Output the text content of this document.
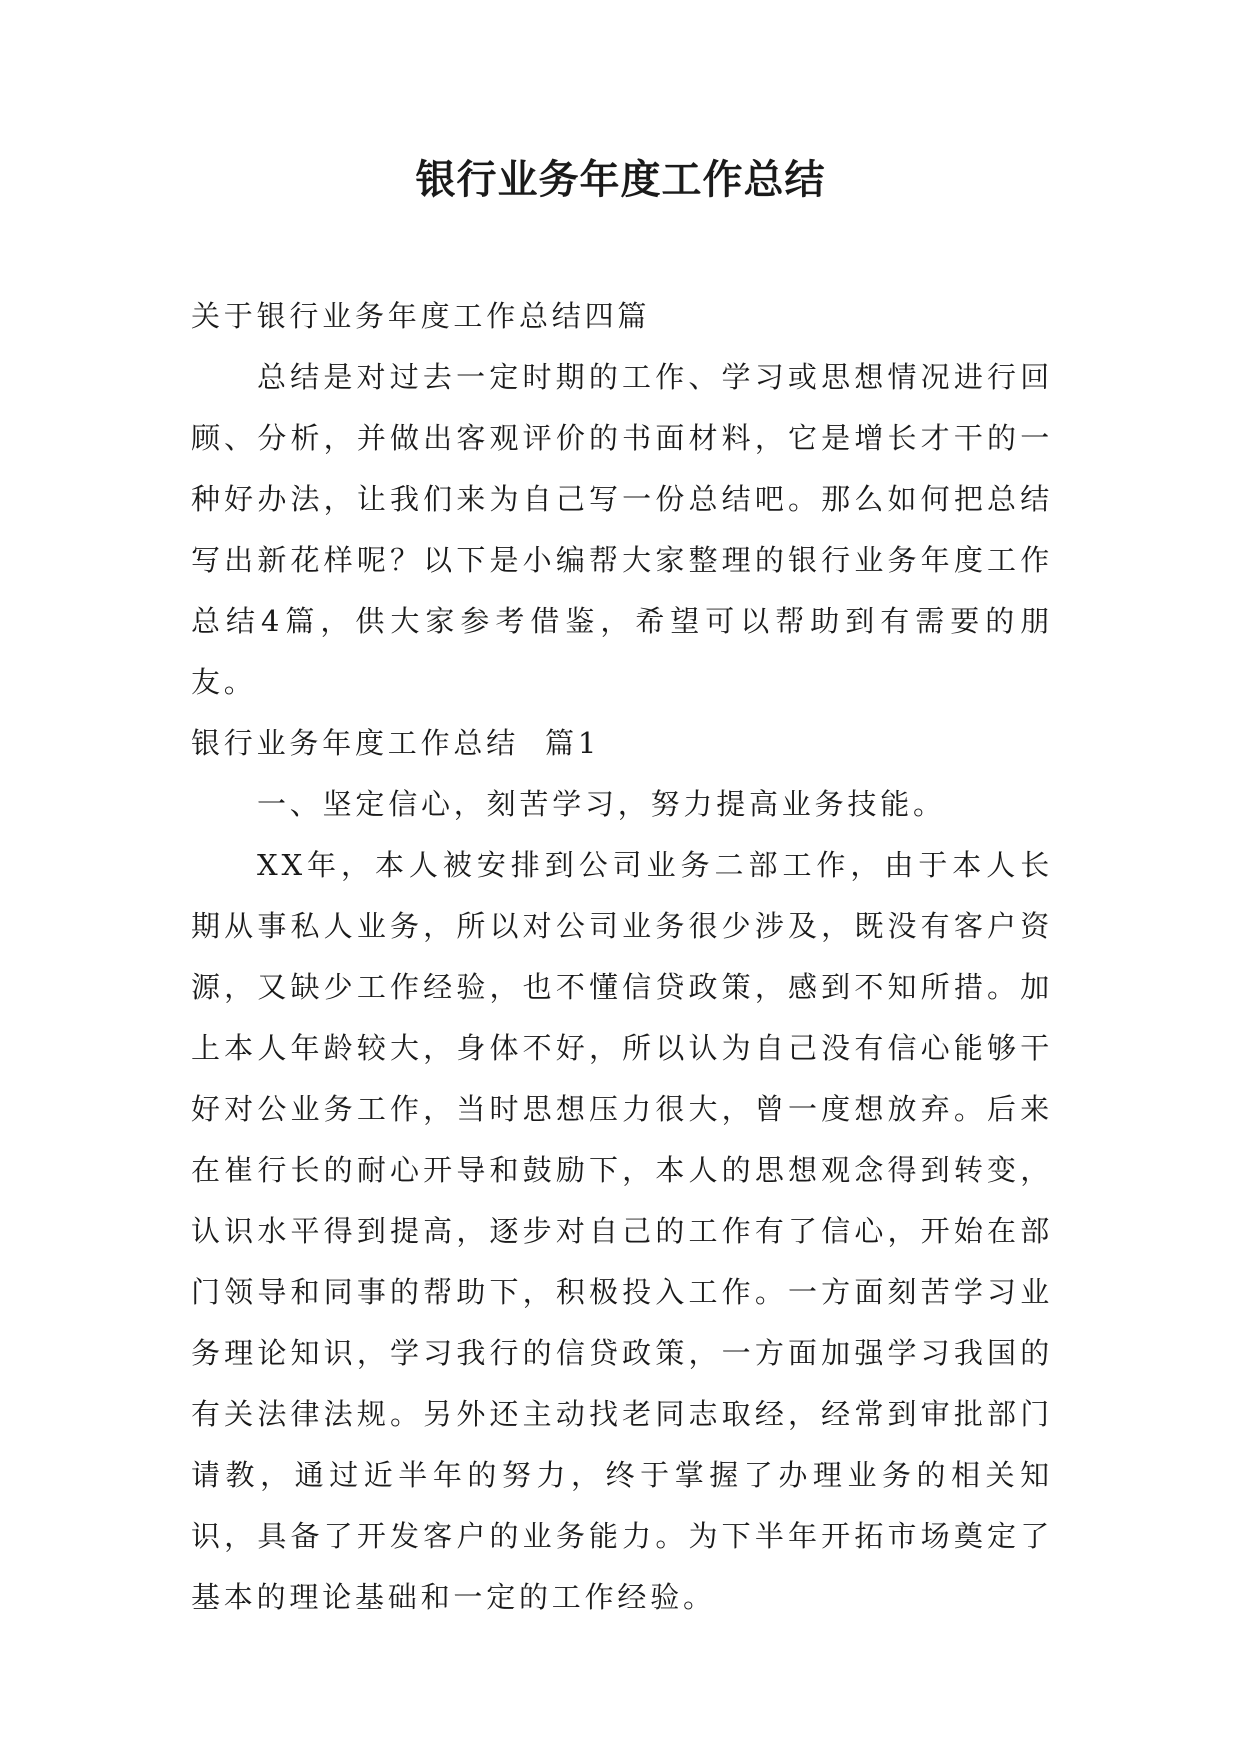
银行业务年度工作总结

关于银行业务年度工作总结四篇

总结是对过去一定时期的工作、学习或思想情况进行回顾、分析，并做出客观评价的书面材料，它是增长才干的一种好办法，让我们来为自己写一份总结吧。那么如何把总结写出新花样呢？以下是小编帮大家整理的银行业务年度工作总结4篇，供大家参考借鉴，希望可以帮助到有需要的朋友。

银行业务年度工作总结  篇1

一、坚定信心，刻苦学习，努力提高业务技能。

XX年，本人被安排到公司业务二部工作，由于本人长期从事私人业务，所以对公司业务很少涉及，既没有客户资源，又缺少工作经验，也不懂信贷政策，感到不知所措。加上本人年龄较大，身体不好，所以认为自己没有信心能够干好对公业务工作，当时思想压力很大，曾一度想放弃。后来在崔行长的耐心开导和鼓励下，本人的思想观念得到转变，认识水平得到提高，逐步对自己的工作有了信心，开始在部门领导和同事的帮助下，积极投入工作。一方面刻苦学习业务理论知识，学习我行的信贷政策，一方面加强学习我国的有关法律法规。另外还主动找老同志取经，经常到审批部门请教，通过近半年的努力，终于掌握了办理业务的相关知识，具备了开发客户的业务能力。为下半年开拓市场奠定了基本的理论基础和一定的工作经验。
